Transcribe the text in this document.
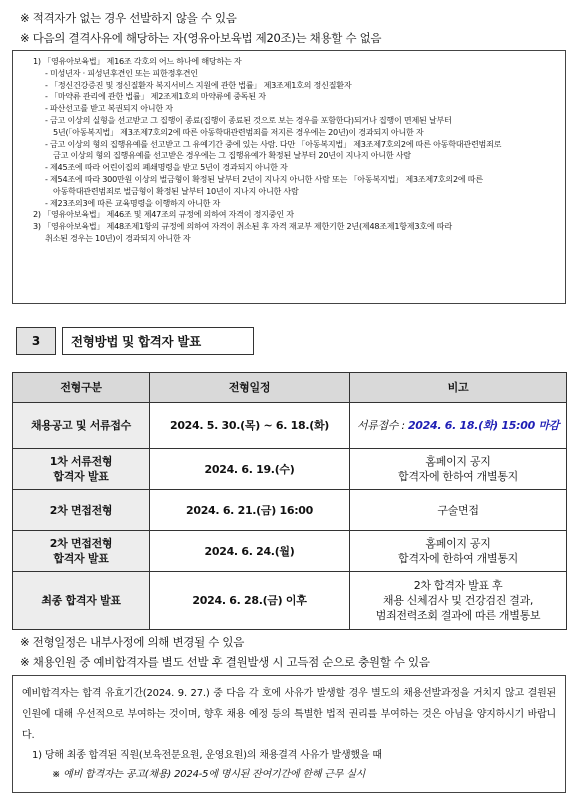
※ 적격자가 없는 경우 선발하지 않을 수 있음
※ 다음의 결격사유에 해당하는 자(영유아보육법 제20조)는 채용할 수 없음
1) 「영유아보육법」 제16조 각호의 어느 하나에 해당하는 자
- 미성년자 · 피성년후견인 또는 피한정후견인
- 「정신건강증진 및 정신질환자 복지서비스 지원에 관한 법률」 제3조제1호의 정신질환자
- 「마약류 관리에 관한 법률」 제2조제1호의 마약류에 중독된 자
- 파산선고를 받고 복권되지 아니한 자
- 금고 이상의 실형을 선고받고 그 집행이 종료(집행이 종료된 것으로 보는 경우를 포함한다)되거나 집행이 면제된 날부터
5년(「아동복지법」 제3조제7호의2에 따른 아동학대관련범죄를 저지른 경우에는 20년)이 경과되지 아니한 자
- 금고 이상의 형의 집행유예를 선고받고 그 유예기간 중에 있는 사람. 다만 「아동복지법」 제3조제7호의2에 따른 아동학대관련범죄로
금고 이상의 형의 집행유예를 선고받은 경우에는 그 집행유예가 확정된 날부터 20년이 지나지 아니한 사람
- 제45조에 따라 어린이집의 폐쇄명령을 받고 5년이 경과되지 아니한 자
- 제54조에 따라 300만원 이상의 벌금형이 확정된 날부터 2년이 지나지 아니한 사람 또는 「아동복지법」 제3조제7호의2에 따른
아동학대관련범죄로 벌금형이 확정된 날부터 10년이 지나지 아니한 사람
- 제23조의3에 따른 교육명령을 이행하지 아니한 자
2) 「영유아보육법」 제46조 및 제47조의 규정에 의하여 자격이 정지중인 자
3) 「영유아보육법」 제48조제1항의 규정에 의하여 자격이 취소된 후 자격 재교부 제한기한 2년(제48조제1항제3호에 따라
취소된 경우는 10년)이 경과되지 아니한 자
3	전형방법 및 합격자 발표
전형구분	전형일정	비고
채용공고 및 서류접수	2024. 5. 30.(목) ~ 6. 18.(화)	서류접수 : 2024. 6. 18.(화) 15:00 마감
1차 서류전형
합격자 발표	2024. 6. 19.(수)	홈페이지 공지
합격자에 한하여 개별통지
2차 면접전형	2024. 6. 21.(금) 16:00	구술면접
2차 면접전형
합격자 발표	2024. 6. 24.(월)	홈페이지 공지
합격자에 한하여 개별통지
최종 합격자 발표	2024. 6. 28.(금) 이후	2차 합격자 발표 후
채용 신체검사 및 건강검진 결과,
범죄전력조회 결과에 따른 개별통보
※ 전형일정은 내부사정에 의해 변경될 수 있음
※ 채용인원 중 예비합격자를 별도 선발 후 결원발생 시 고득점 순으로 충원할 수 있음
예비합격자는 합격 유효기간(2024. 9. 27.) 중 다음 각 호에 사유가 발생할 경우 별도의 채용선발과정을 거치지 않고 결원된 인원에 대해 우선적으로 부여하는 것이며, 향후 채용 예정 등의 특별한 법적 권리를 부여하는 것은 아님을 양지하시기 바랍니다.
1) 당해 최종 합격된 직원(보육전문요원, 운영요원)의 채용결격 사유가 발생했을 때
※ 예비 합격자는 공고(채용) 2024-5에 명시된 잔여기간에 한해 근무 실시
